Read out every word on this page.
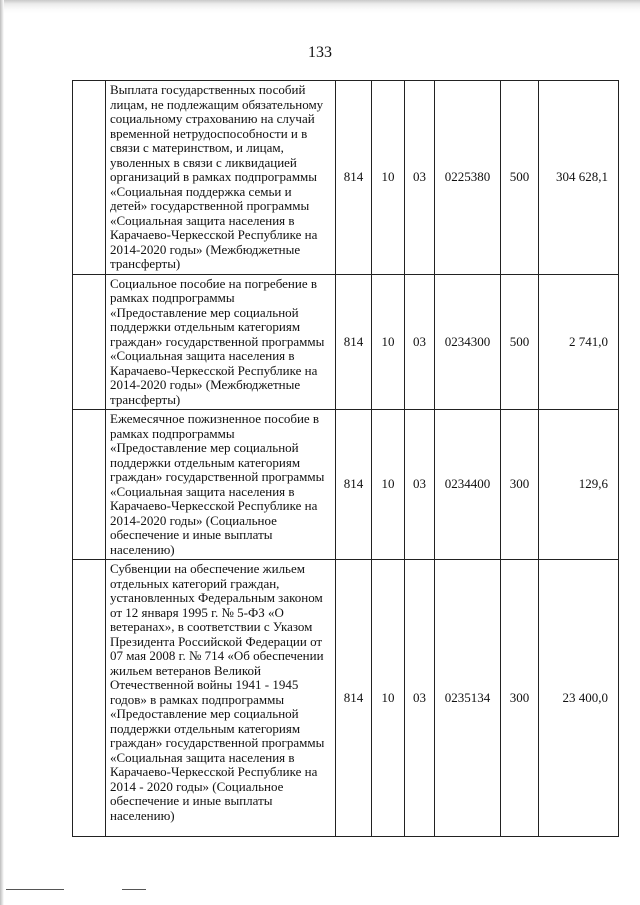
133
	Выплата государственных пособий лицам, не подлежащим обязательному социальному страхованию на случай временной нетрудоспособности и в связи с материнством, и лицам, уволенных в связи с ликвидацией организаций в рамках подпрограммы «Социальная поддержка семьи и детей» государственной программы «Социальная защита населения в Карачаево-Черкесской Республике на 2014-2020 годы» (Межбюджетные трансферты)	814	10	03	0225380	500	304 628,1
	Социальное пособие на погребение в рамках подпрограммы «Предоставление мер социальной поддержки отдельным категориям граждан» государственной программы «Социальная защита населения в Карачаево-Черкесской Республике на 2014-2020 годы» (Межбюджетные трансферты)	814	10	03	0234300	500	2 741,0
	Ежемесячное пожизненное пособие в рамках подпрограммы «Предоставление мер социальной поддержки отдельным категориям граждан» государственной программы «Социальная защита населения в Карачаево-Черкесской Республике на 2014-2020 годы» (Социальное обеспечение и иные выплаты населению)	814	10	03	0234400	300	129,6
	Субвенции на обеспечение жильем отдельных категорий граждан, установленных Федеральным законом от 12 января 1995 г. № 5-ФЗ «О ветеранах», в соответствии с Указом Президента Российской Федерации от 07 мая 2008 г. № 714 «Об обеспечении жильем ветеранов Великой Отечественной войны 1941 - 1945 годов» в рамках подпрограммы «Предоставление мер социальной поддержки отдельным категориям граждан» государственной программы «Социальная защита населения в Карачаево-Черкесской Республике на 2014 - 2020 годы» (Социальное обеспечение и иные выплаты населению)	814	10	03	0235134	300	23 400,0
